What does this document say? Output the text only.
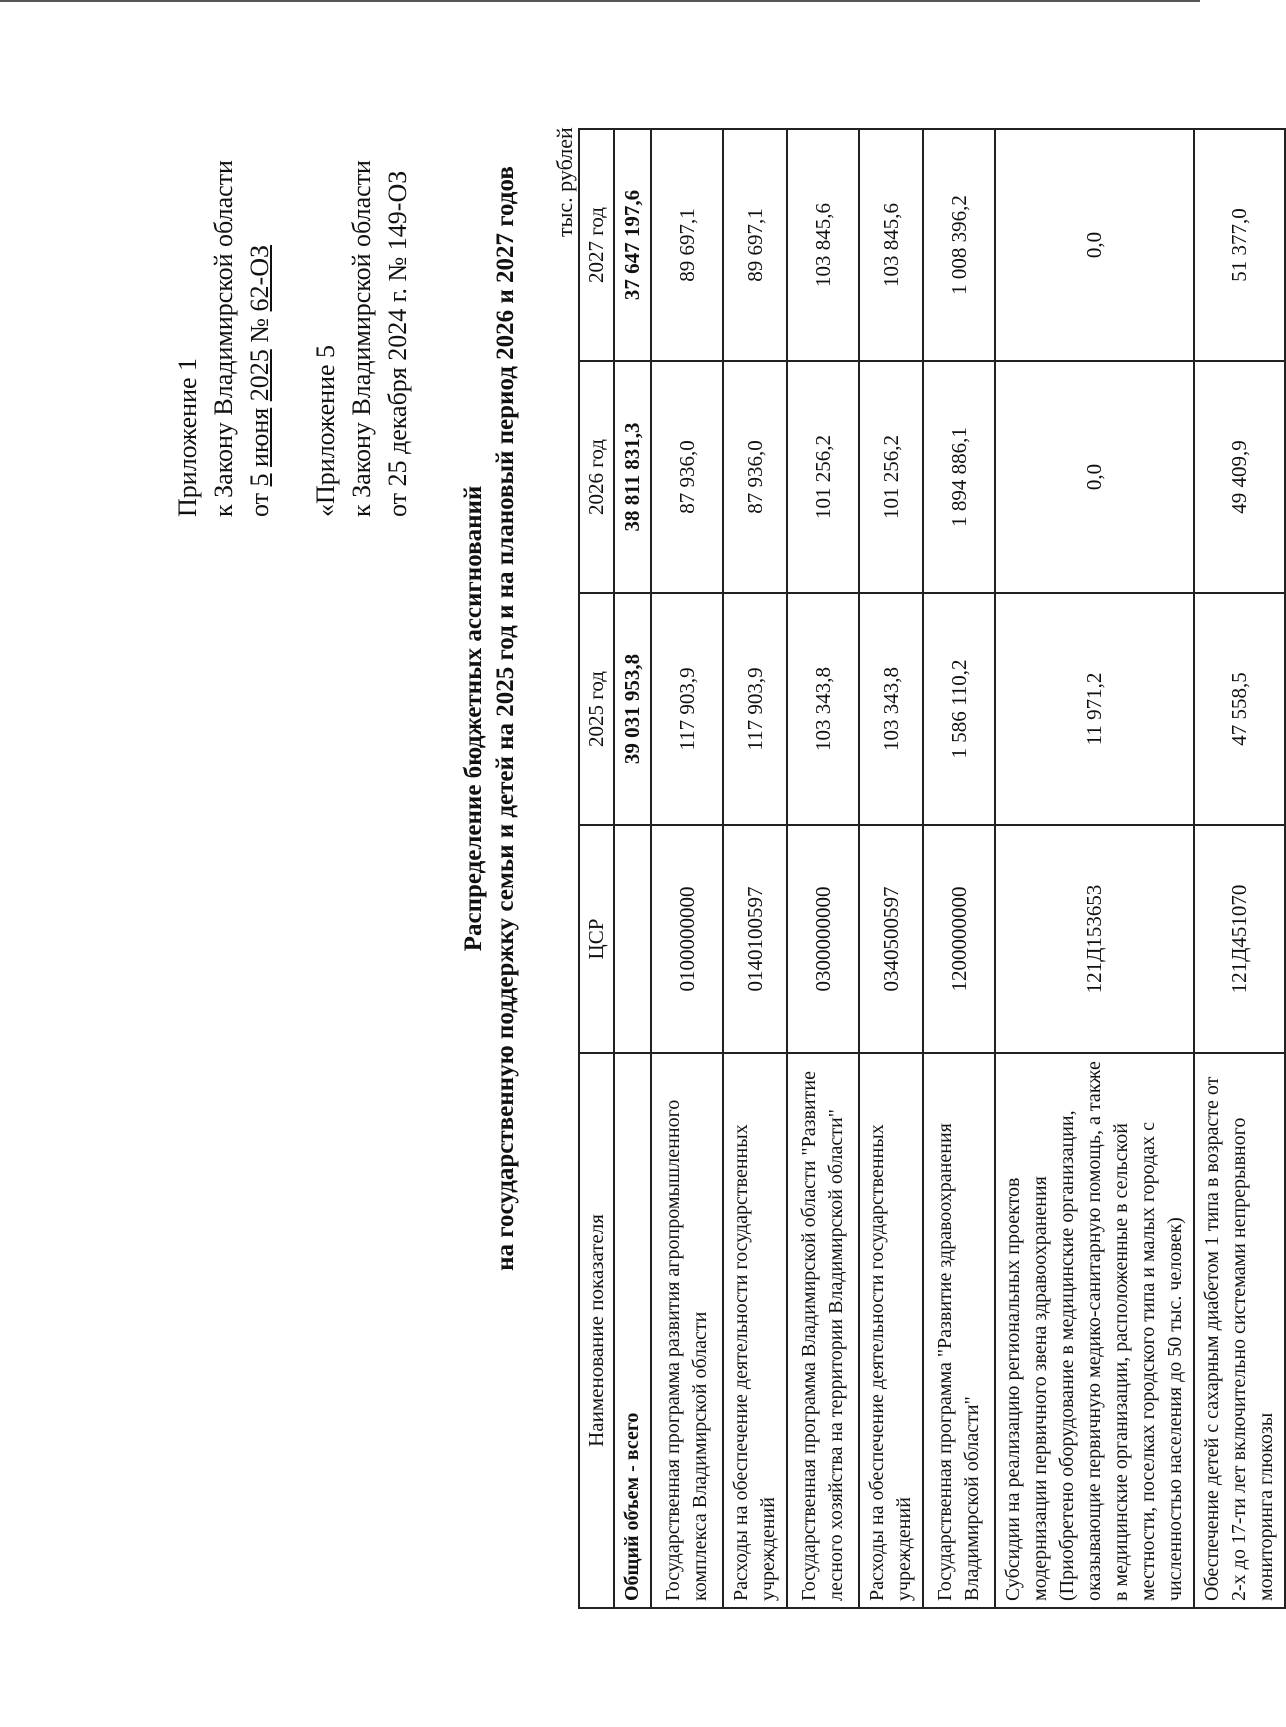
Приложение 1 к Закону Владимирской области от 5 июня 2025 № 62-ОЗ
«Приложение 5 к Закону Владимирской области от 25 декабря 2024 г. № 149-ОЗ
Распределение бюджетных ассигнований на государственную поддержку семьи и детей на 2025 год и на плановый период 2026 и 2027 годов тыс. рублей
Наименование показателя	ЦСР	2025 год	2026 год	2027 год
Общий объем - всего		39 031 953,8	38 811 831,3	37 647 197,6
Государственная программа развития агропромышленного комплекса Владимирской области	0100000000	117 903,9	87 936,0	89 697,1
Расходы на обеспечение деятельности государственных учреждений	0140100597	117 903,9	87 936,0	89 697,1
Государственная программа Владимирской области "Развитие лесного хозяйства на территории Владимирской области"	0300000000	103 343,8	101 256,2	103 845,6
Расходы на обеспечение деятельности государственных учреждений	0340500597	103 343,8	101 256,2	103 845,6
Государственная программа "Развитие здравоохранения Владимирской области"	1200000000	1 586 110,2	1 894 886,1	1 008 396,2
Субсидии на реализацию региональных проектов модернизации первичного звена здравоохранения (Приобретено оборудование в медицинские организации, оказывающие первичную медико-санитарную помощь, а также в медицинские организации, расположенные в сельской местности, поселках городского типа и малых городах с численностью населения до 50 тыс. человек)	121Д153653	11 971,2	0,0	0,0
Обеспечение детей с сахарным диабетом 1 типа в возрасте от 2-х до 17-ти лет включительно системами непрерывного мониторинга глюкозы	121Д451070	47 558,5	49 409,9	51 377,0
